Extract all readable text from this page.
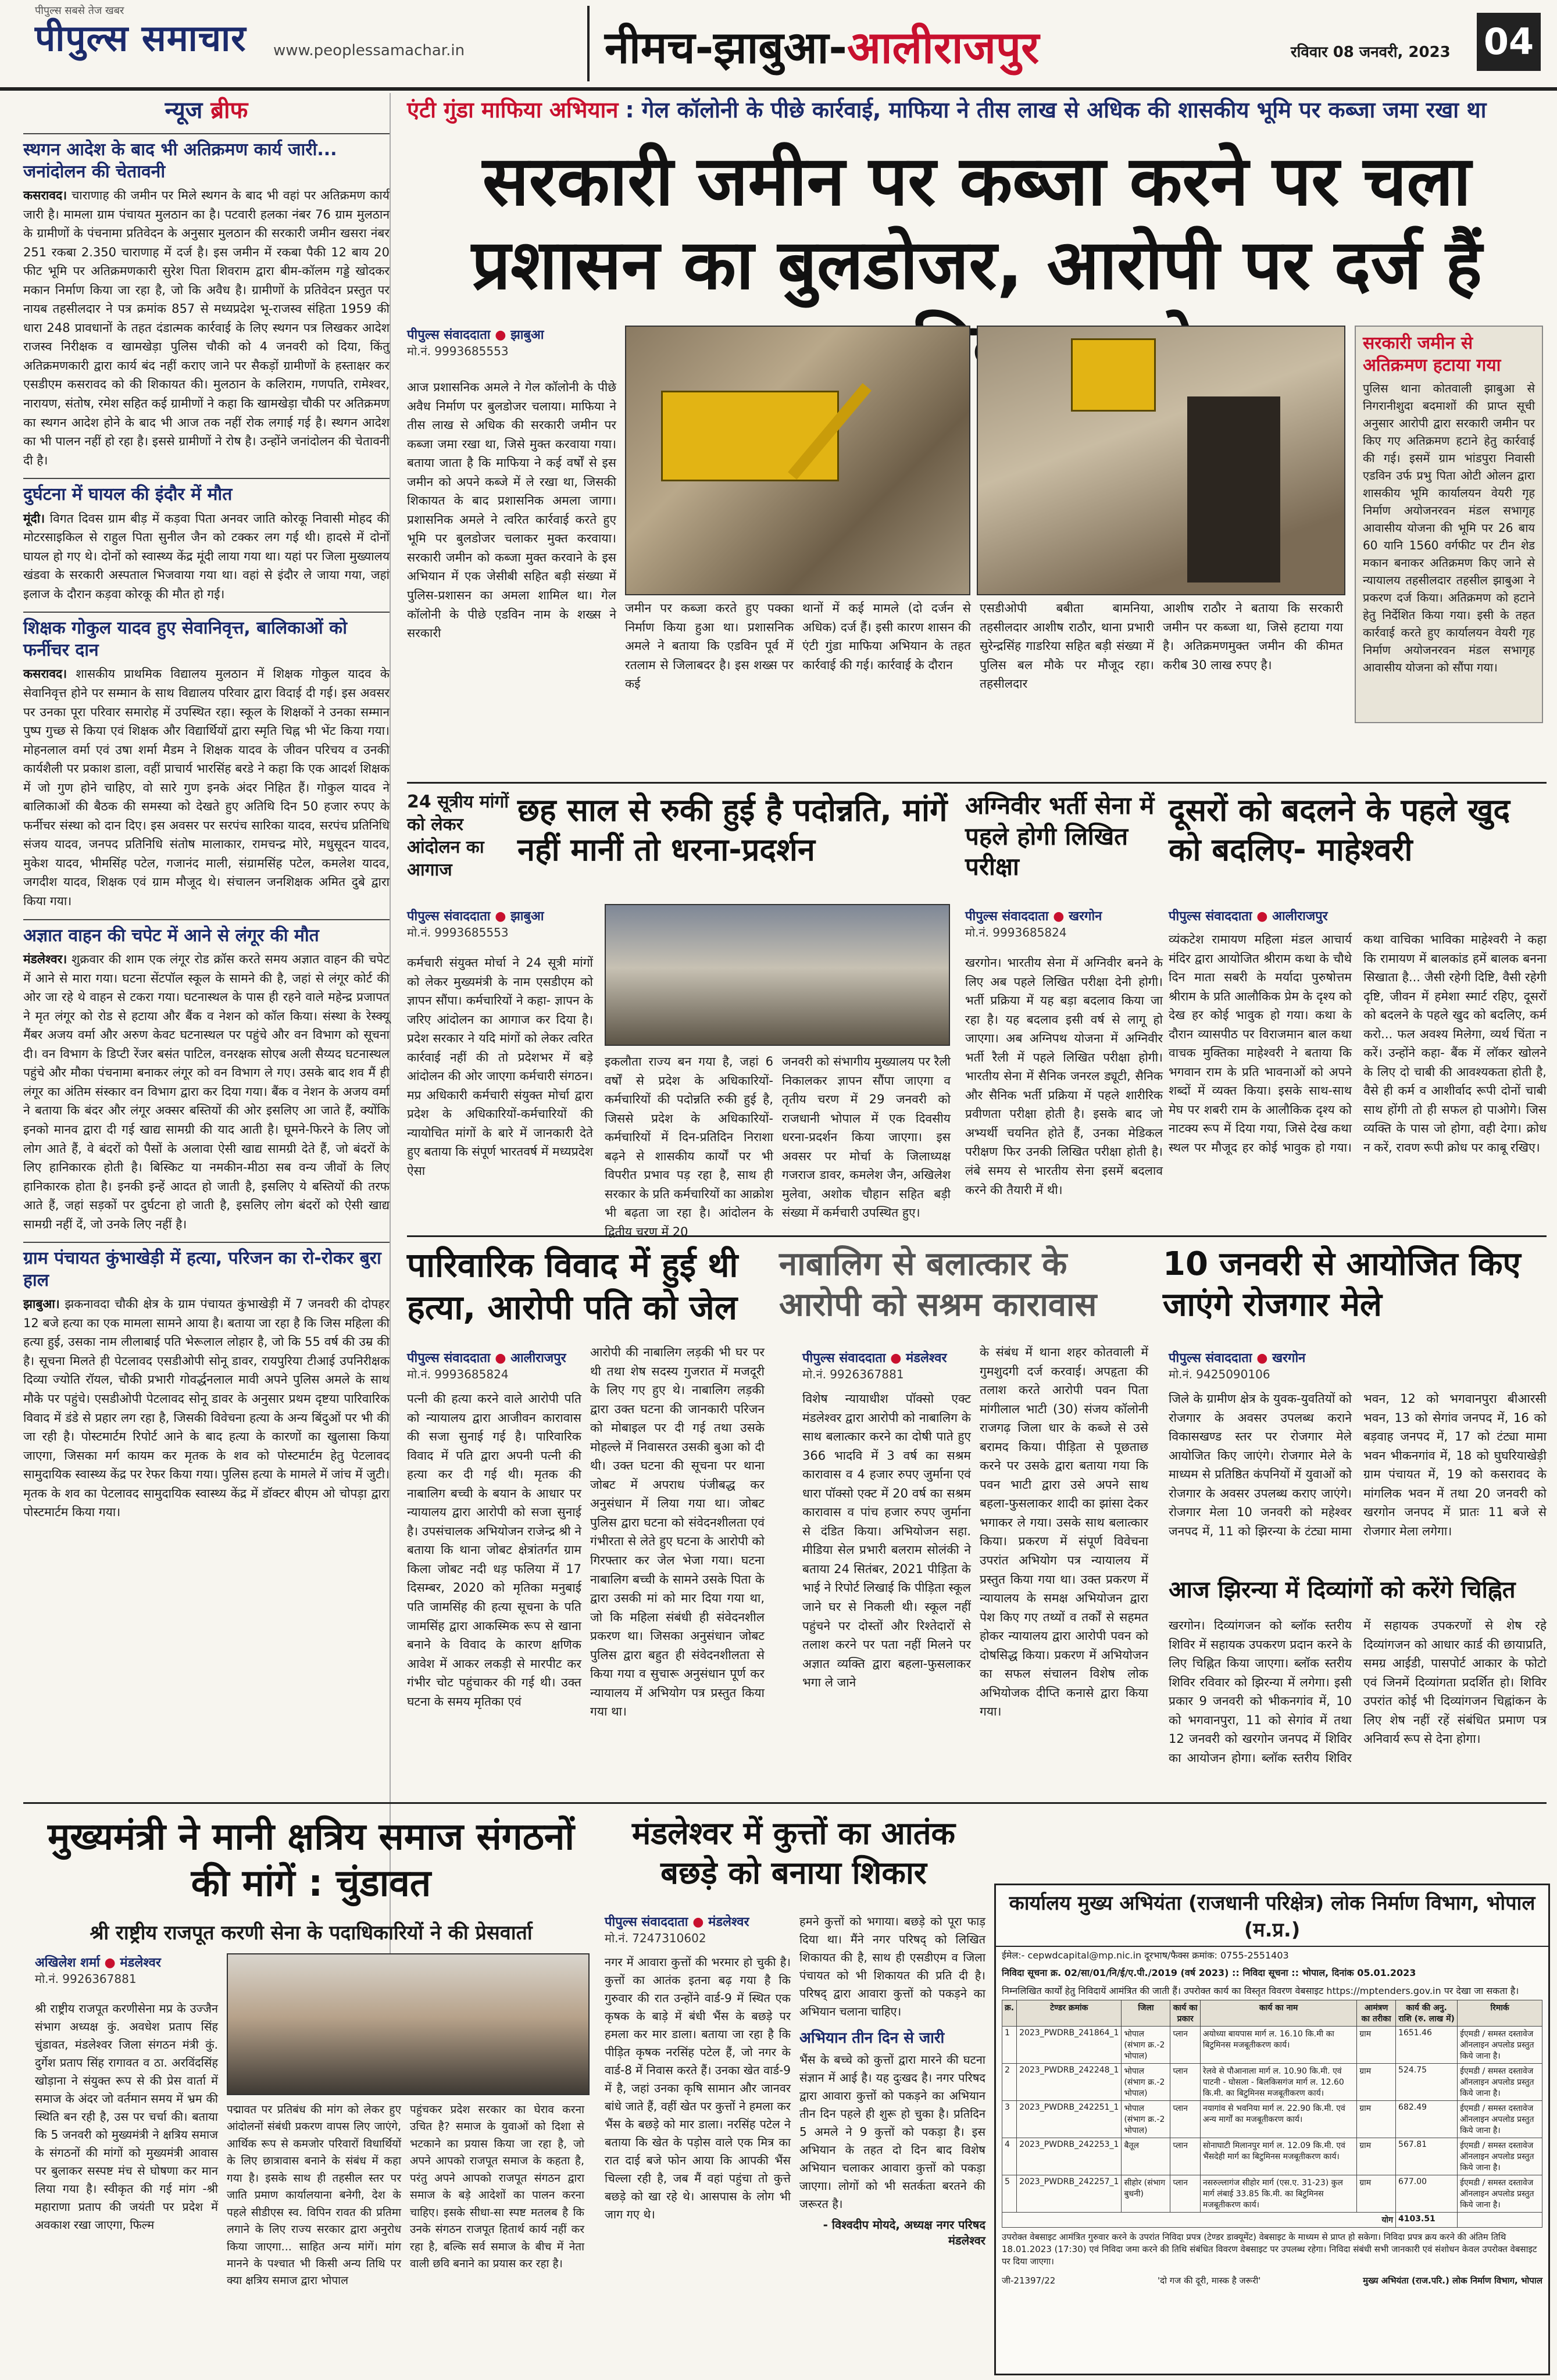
पीपुल्स सबसे तेज खबर
पीपुल्स समाचार www.peoplessamachar.in	नीमच-झाबुआ-आलीराजपुर	रविवार 08 जनवरी, 2023 04
न्यूज ब्रीफ
स्थगन आदेश के बाद भी अतिक्रमण कार्य जारी... जनांदोलन की चेतावनी
कसरावद। चाराणाह की जमीन पर मिले स्थगन के बाद भी वहां पर अतिक्रमण कार्य जारी है। मामला ग्राम पंचायत मुलठान का है। पटवारी हलका नंबर 76 ग्राम मुलठान के ग्रामीणों के पंचनामा प्रतिवेदन के अनुसार मुलठान की सरकारी जमीन खसरा नंबर 251 रकबा 2.350 चाराणाह में दर्ज है। इस जमीन में रकबा पैकी 12 बाय 20 फीट भूमि पर अतिक्रमणकारी सुरेश पिता शिवराम द्वारा बीम-कॉलम गड्डे खोदकर मकान निर्माण किया जा रहा है, जो कि अवैध है। ग्रामीणों के प्रतिवेदन प्रस्तुत पर नायब तहसीलदार ने पत्र क्रमांक 857 से मध्यप्रदेश भू-राजस्व संहिता 1959 की धारा 248 प्रावधानों के तहत दंडात्मक कार्रवाई के लिए स्थगन पत्र लिखकर आदेश राजस्व निरीक्षक व खामखेड़ा पुलिस चौकी को 4 जनवरी को दिया, किंतु अतिक्रमणकारी द्वारा कार्य बंद नहीं कराए जाने पर सैकड़ों ग्रामीणों के हस्ताक्षर कर एसडीएम कसरावद को की शिकायत की। मुलठान के कलिराम, गणपति, रामेश्वर, नारायण, संतोष, रमेश सहित कई ग्रामीणों ने कहा कि खामखेड़ा चौकी पर अतिक्रमण का स्थगन आदेश होने के बाद भी आज तक नहीं रोक लगाई गई है। स्थगन आदेश का भी पालन नहीं हो रहा है। इससे ग्रामीणों ने रोष है। उन्होंने जनांदोलन की चेतावनी दी है।
दुर्घटना में घायल की इंदौर में मौत
मूंदी। विगत दिवस ग्राम बीड़ में कड़वा पिता अनवर जाति कोरकू निवासी मोहद की मोटरसाइकिल से राहुल पिता सुनील जैन को टक्कर लग गई थी। हादसे में दोनों घायल हो गए थे। दोनों को स्वास्थ्य केंद्र मूंदी लाया गया था। यहां पर जिला मुख्यालय खंडवा के सरकारी अस्पताल भिजवाया गया था। वहां से इंदौर ले जाया गया, जहां इलाज के दौरान कड़वा कोरकू की मौत हो गई।
शिक्षक गोकुल यादव हुए सेवानिवृत्त, बालिकाओं को फर्नीचर दान
कसरावद। शासकीय प्राथमिक विद्यालय मुलठान में शिक्षक गोकुल यादव के सेवानिवृत्त होने पर सम्मान के साथ विद्यालय परिवार द्वारा विदाई दी गई। इस अवसर पर उनका पूरा परिवार समारोह में उपस्थित रहा। स्कूल के शिक्षकों ने उनका सम्मान पुष्प गुच्छ से किया एवं शिक्षक और विद्यार्थियों द्वारा स्मृति चिह्न भी भेंट किया गया। मोहनलाल वर्मा एवं उषा शर्मा मैडम ने शिक्षक यादव के जीवन परिचय व उनकी कार्यशैली पर प्रकाश डाला, वहीं प्राचार्य भारसिंह बरडे ने कहा कि एक आदर्श शिक्षक में जो गुण होने चाहिए, वो सारे गुण इनके अंदर निहित हैं। गोकुल यादव ने बालिकाओं की बैठक की समस्या को देखते हुए अतिथि दिन 50 हजार रुपए के फर्नीचर संस्था को दान दिए। इस अवसर पर सरपंच सारिका यादव, सरपंच प्रतिनिधि संजय यादव, जनपद प्रतिनिधि संतोष मालाकार, रामचन्द्र मोरे, मधुसूदन यादव, मुकेश यादव, भीमसिंह पटेल, गजानंद माली, संग्रामसिंह पटेल, कमलेश यादव, जगदीश यादव, शिक्षक एवं ग्राम मौजूद थे। संचालन जनशिक्षक अमित दुबे द्वारा किया गया।
अज्ञात वाहन की चपेट में आने से लंगूर की मौत
मंडलेश्वर। शुक्रवार की शाम एक लंगूर रोड क्रॉस करते समय अज्ञात वाहन की चपेट में आने से मारा गया। घटना सेंटपॉल स्कूल के सामने की है, जहां से लंगूर कोर्ट की ओर जा रहे थे वाहन से टकरा गया। घटनास्थल के पास ही रहने वाले महेन्द्र प्रजापत ने मृत लंगूर को रोड से हटाया और बैंक व नेशन को कॉल किया। संस्था के रेस्क्यू मैंबर अजय वर्मा और अरुण केवट घटनास्थल पर पहुंचे और वन विभाग को सूचना दी। वन विभाग के डिप्टी रेंजर बसंत पाटिल, वनरक्षक सोएब अली सैय्यद घटनास्थल पहुंचे और मौका पंचनामा बनाकर लंगूर को वन विभाग ले गए। उसके बाद शव मैं ही लंगूर का अंतिम संस्कार वन विभाग द्वारा कर दिया गया। बैंक व नेशन के अजय वर्मा ने बताया कि बंदर और लंगूर अक्सर बस्तियों की ओर इसलिए आ जाते हैं, क्योंकि इनको मानव द्वारा दी गई खाद्य सामग्री की याद आती है। घूमने-फिरने के लिए जो लोग आते हैं, वे बंदरों को पैसों के अलावा ऐसी खाद्य सामग्री देते हैं, जो बंदरों के लिए हानिकारक होती है। बिस्किट या नमकीन-मीठा सब वन्य जीवों के लिए हानिकारक होता है। इनकी इन्हें आदत हो जाती है, इसलिए ये बस्तियों की तरफ आते हैं, जहां सड़कों पर दुर्घटना हो जाती है, इसलिए लोग बंदरों को ऐसी खाद्य सामग्री नहीं दें, जो उनके लिए नहीं है।
ग्राम पंचायत कुंभाखेड़ी में हत्या, परिजन का रो-रोकर बुरा हाल
झाबुआ। झकनावदा चौकी क्षेत्र के ग्राम पंचायत कुंभाखेड़ी में 7 जनवरी की दोपहर 12 बजे हत्या का एक मामला सामने आया है। बताया जा रहा है कि जिस महिला की हत्या हुई, उसका नाम लीलाबाई पति भेरूलाल लोहार है, जो कि 55 वर्ष की उम्र की है। सूचना मिलते ही पेटलावद एसडीओपी सोनू डावर, रायपुरिया टीआई उपनिरीक्षक दिव्या ज्योति रॉयल, चौकी प्रभारी गोवर्द्धनलाल मावी अपने पुलिस अमले के साथ मौके पर पहुंचे। एसडीओपी पेटलावद सोनू डावर के अनुसार प्रथम दृष्टया पारिवारिक विवाद में डंडे से प्रहार लग रहा है, जिसकी विवेचना हत्या के अन्य बिंदुओं पर भी की जा रही है। पोस्टमार्टम रिपोर्ट आने के बाद हत्या के कारणों का खुलासा किया जाएगा, जिसका मर्ग कायम कर मृतक के शव को पोस्टमार्टम हेतु पेटलावद सामुदायिक स्वास्थ्य केंद्र पर रेफर किया गया। पुलिस हत्या के मामले में जांच में जुटी। मृतक के शव का पेटलावद सामुदायिक स्वास्थ्य केंद्र में डॉक्टर बीएम ओ चोपड़ा द्वारा पोस्टमार्टम किया गया।
एंटी गुंडा माफिया अभियान : गेल कॉलोनी के पीछे कार्रवाई, माफिया ने तीस लाख से अधिक की शासकीय भूमि पर कब्जा जमा रखा था
सरकारी जमीन पर कब्जा करने पर चला प्रशासन का बुलडोजर, आरोपी पर दर्ज हैं
पीपुल्स संवाददाता ● झाबुआ
मो.नं. 9993685553
आज प्रशासनिक अमले ने गेल कॉलोनी के पीछे अवैध निर्माण पर बुलडोजर चलाया। माफिया ने तीस लाख से अधिक की सरकारी जमीन पर कब्जा जमा रखा था, जिसे मुक्त करवाया गया। बताया जाता है कि माफिया ने कई वर्षों से इस जमीन को अपने कब्जे में ले रखा था, जिसकी शिकायत के बाद प्रशासनिक अमला जागा। प्रशासनिक अमले ने त्वरित कार्रवाई करते हुए भूमि पर बुलडोजर चलाकर मुक्त करवाया। सरकारी जमीन को कब्जा मुक्त करवाने के इस अभियान में एक जेसीबी सहित बड़ी संख्या में पुलिस-प्रशासन का अमला शामिल था। गेल कॉलोनी के पीछे एडविन नाम के शख्स ने सरकारी
जमीन पर कब्जा करते हुए पक्का निर्माण किया हुआ था। प्रशासनिक अमले ने बताया कि एडविन पूर्व में रतलाम से जिलाबदर है। इस शख्स पर कई
थानों में कई मामले (दो दर्जन से अधिक) दर्ज हैं। इसी कारण शासन की एंटी गुंडा माफिया अभियान के तहत कार्रवाई की गई। कार्रवाई के दौरान
एसडीओपी बबीता बामनिया, तहसीलदार आशीष राठौर, थाना प्रभारी सुरेन्द्रसिंह गाडरिया सहित बड़ी संख्या में पुलिस बल मौके पर मौजूद रहा। तहसीलदार
आशीष राठौर ने बताया कि सरकारी जमीन पर कब्जा था, जिसे हटाया गया है। अतिक्रमणमुक्त जमीन की कीमत करीब 30 लाख रुपए है।
सरकारी जमीन से अतिक्रमण हटाया गया
पुलिस थाना कोतवाली झाबुआ से निगरानीशुदा बदमाशों की प्राप्त सूची अनुसार आरोपी द्वारा सरकारी जमीन पर किए गए अतिक्रमण हटाने हेतु कार्रवाई की गई। इसमें ग्राम भांडपुरा निवासी एडविन उर्फ प्रभु पिता ओटी ओलन द्वारा शासकीय भूमि कार्यालयन वेयरी गृह निर्माण अयोजनरवन मंडल सभागृह आवासीय योजना की भूमि पर 26 बाय 60 यानि 1560 वर्गफीट पर टीन शेड मकान बनाकर अतिक्रमण किए जाने से न्यायालय तहसीलदार तहसील झाबुआ ने प्रकरण दर्ज किया। अतिक्रमण को हटाने हेतु निर्देशित किया गया। इसी के तहत कार्रवाई करते हुए कार्यालयन वेयरी गृह निर्माण अयोजनरवन मंडल सभागृह आवासीय योजना को सौंपा गया।
24 सूत्रीय मांगों को लेकर आंदोलन का आगाज
छह साल से रुकी हुई है पदोन्नति, मांगें नहीं मानीं तो धरना-प्रदर्शन
पीपुल्स संवाददाता ● झाबुआ
मो.नं. 9993685553
कर्मचारी संयुक्त मोर्चा ने 24 सूत्री मांगों को लेकर मुख्यमंत्री के नाम एसडीएम को ज्ञापन सौंपा। कर्मचारियों ने कहा- ज्ञापन के जरिए आंदोलन का आगाज कर दिया है। प्रदेश सरकार ने यदि मांगों को लेकर त्वरित कार्रवाई नहीं की तो प्रदेशभर में बड़े आंदोलन की ओर जाएगा कर्मचारी संगठन। मप्र अधिकारी कर्मचारी संयुक्त मोर्चा द्वारा प्रदेश के अधिकारियों-कर्मचारियों की न्यायोचित मांगों के बारे में जानकारी देते हुए बताया कि संपूर्ण भारतवर्ष में मध्यप्रदेश ऐसा
इकलौता राज्य बन गया है, जहां 6 वर्षों से प्रदेश के अधिकारियों-कर्मचारियों की पदोन्नति रुकी हुई है, जिससे प्रदेश के अधिकारियों-कर्मचारियों में दिन-प्रतिदिन निराशा बढ़ने से शासकीय कार्यों पर भी विपरीत प्रभाव पड़ रहा है, साथ ही सरकार के प्रति कर्मचारियों का आक्रोश भी बढ़ता जा रहा है। आंदोलन के द्वितीय चरण में 20
जनवरी को संभागीय मुख्यालय पर रैली निकालकर ज्ञापन सौंपा जाएगा व तृतीय चरण में 29 जनवरी को राजधानी भोपाल में एक दिवसीय धरना-प्रदर्शन किया जाएगा। इस अवसर पर मोर्चा के जिलाध्यक्ष गजराज डावर, कमलेश जैन, अखिलेश मुलेवा, अशोक चौहान सहित बड़ी संख्या में कर्मचारी उपस्थित हुए।
अग्निवीर भर्ती सेना में पहले होगी लिखित परीक्षा
पीपुल्स संवाददाता ● खरगोन
मो.नं. 9993685824
खरगोन। भारतीय सेना में अग्निवीर बनने के लिए अब पहले लिखित परीक्षा देनी होगी। भर्ती प्रक्रिया में यह बड़ा बदलाव किया जा रहा है। यह बदलाव इसी वर्ष से लागू हो जाएगा। अब अग्निपथ योजना में अग्निवीर भर्ती रैली में पहले लिखित परीक्षा होगी। भारतीय सेना में सैनिक जनरल ड्यूटी, सैनिक और सैनिक भर्ती प्रक्रिया में पहले शारीरिक प्रवीणता परीक्षा होती है। इसके बाद जो अभ्यर्थी चयनित होते हैं, उनका मेडिकल परीक्षण फिर उनकी लिखित परीक्षा होती है। लंबे समय से भारतीय सेना इसमें बदलाव करने की तैयारी में थी।
दूसरों को बदलने के पहले खुद को बदलिए- माहेश्वरी
पीपुल्स संवाददाता ● आलीराजपुर
व्यंकटेश रामायण महिला मंडल आचार्य मंदिर द्वारा आयोजित श्रीराम कथा के चौथे दिन माता सबरी के मर्यादा पुरुषोत्तम श्रीराम के प्रति आलौकिक प्रेम के दृश्य को देख हर कोई भावुक हो गया। कथा के दौरान व्यासपीठ पर विराजमान बाल कथा वाचक मुक्तिका माहेश्वरी ने बताया कि भगवान राम के प्रति भावनाओं को अपने शब्दों में व्यक्त किया। इसके साथ-साथ मेघ पर शबरी राम के आलौकिक दृश्य को नाटक्य रूप में दिया गया, जिसे देख कथा स्थल पर मौजूद हर कोई भावुक हो गया। कथा वाचिका भाविका माहेश्वरी ने कहा कि रामायण में बालकांड हमें बालक बनना सिखाता है... जैसी रहेगी दिष्टि, वैसी रहेगी दृष्टि, जीवन में हमेशा स्मार्ट रहिए, दूसरों को बदलने के पहले खुद को बदलिए, कर्म करो... फल अवश्य मिलेगा, व्यर्थ चिंता न करें। उन्होंने कहा- बैंक में लॉकर खोलने के लिए दो चाबी की आवश्यकता होती है, वैसे ही कर्म व आशीर्वाद रूपी दोनों चाबी साथ होंगी तो ही सफल हो पाओगे। जिस व्यक्ति के पास जो होगा, वही देगा। क्रोध न करें, रावण रूपी क्रोध पर काबू रखिए।
पारिवारिक विवाद में हुई थी हत्या, आरोपी पति को जेल
पीपुल्स संवाददाता ● आलीराजपुर
मो.नं. 9993685824
पत्नी की हत्या करने वाले आरोपी पति को न्यायालय द्वारा आजीवन कारावास की सजा सुनाई गई है। पारिवारिक विवाद में पति द्वारा अपनी पत्नी की हत्या कर दी गई थी। मृतक की नाबालिग बच्ची के बयान के आधार पर न्यायालय द्वारा आरोपी को सजा सुनाई है। उपसंचालक अभियोजन राजेन्द्र श्री ने बताया कि थाना जोबट क्षेत्रांतर्गत ग्राम किला जोबट नदी धड़ फलिया में 17 दिसम्बर, 2020 को मृतिका मनुबाई पति जामसिंह की हत्या सूचना के पति जामसिंह द्वारा आकस्मिक रूप से खाना बनाने के विवाद के कारण क्षणिक आवेश में आकर लकड़ी से मारपीट कर गंभीर चोट पहुंचाकर की गई थी। उक्त घटना के समय मृतिका एवं
आरोपी की नाबालिग लड़की भी घर पर थी तथा शेष सदस्य गुजरात में मजदूरी के लिए गए हुए थे। नाबालिग लड़की द्वारा उक्त घटना की जानकारी परिजन को मोबाइल पर दी गई तथा उसके मोहल्ले में निवासरत उसकी बुआ को दी थी। उक्त घटना की सूचना पर थाना जोबट में अपराध पंजीबद्ध कर अनुसंधान में लिया गया था। जोबट पुलिस द्वारा घटना को संवेदनशीलता एवं गंभीरता से लेते हुए घटना के आरोपी को गिरफ्तार कर जेल भेजा गया। घटना नाबालिग बच्ची के सामने उसके पिता के द्वारा उसकी मां को मार दिया गया था, जो कि महिला संबंधी ही संवेदनशील प्रकरण था। जिसका अनुसंधान जोबट पुलिस द्वारा बहुत ही संवेदनशीलता से किया गया व सुचारू अनुसंधान पूर्ण कर न्यायालय में अभियोग पत्र प्रस्तुत किया गया था।
नाबालिग से बलात्कार के आरोपी को सश्रम कारावास
पीपुल्स संवाददाता ● मंडलेश्वर
मो.नं. 9926367881
विशेष न्यायाधीश पॉक्सो एक्ट मंडलेश्वर द्वारा आरोपी को नाबालिग के साथ बलात्कार करने का दोषी पाते हुए 366 भादवि में 3 वर्ष का सश्रम कारावास व 4 हजार रुपए जुर्माना एवं धारा पॉक्सो एक्ट में 20 वर्ष का सश्रम कारावास व पांच हजार रुपए जुर्माना से दंडित किया। अभियोजन सहा. मीडिया सेल प्रभारी बलराम सोलंकी ने बताया 24 सितंबर, 2021 पीड़िता के भाई ने रिपोर्ट लिखाई कि पीड़िता स्कूल जाने घर से निकली थी। स्कूल नहीं पहुंचने पर दोस्तों और रिश्तेदारों से तलाश करने पर पता नहीं मिलने पर अज्ञात व्यक्ति द्वारा बहला-फुसलाकर भगा ले जाने
के संबंध में थाना शहर कोतवाली में गुमशुदगी दर्ज करवाई। अपहृता की तलाश करते आरोपी पवन पिता मांगीलाल भाटी (30) संजय कॉलोनी राजगढ़ जिला धार के कब्जे से उसे बरामद किया। पीड़िता से पूछताछ करने पर उसके द्वारा बताया गया कि पवन भाटी द्वारा उसे अपने साथ बहला-फुसलाकर शादी का झांसा देकर भगाकर ले गया। उसके साथ बलात्कार किया। प्रकरण में संपूर्ण विवेचना उपरांत अभियोग पत्र न्यायालय में प्रस्तुत किया गया था। उक्त प्रकरण में न्यायालय के समक्ष अभियोजन द्वारा पेश किए गए तथ्यों व तर्कों से सहमत होकर न्यायालय द्वारा आरोपी पवन को दोषसिद्ध किया। प्रकरण में अभियोजन का सफल संचालन विशेष लोक अभियोजक दीप्ति कनासे द्वारा किया गया।
10 जनवरी से आयोजित किए जाएंगे रोजगार मेले
पीपुल्स संवाददाता ● खरगोन
मो.नं. 9425090106
जिले के ग्रामीण क्षेत्र के युवक-युवतियों को रोजगार के अवसर उपलब्ध कराने विकासखण्ड स्तर पर रोजगार मेले आयोजित किए जाएंगे। रोजगार मेले के माध्यम से प्रतिष्ठित कंपनियों में युवाओं को रोजगार के अवसर उपलब्ध कराए जाएंगे। रोजगार मेला 10 जनवरी को महेश्वर जनपद में, 11 को झिरन्या के टंट्या मामा भवन, 12 को भगवानपुरा बीआरसी भवन, 13 को सेगांव जनपद में, 16 को बड़वाह जनपद में, 17 को टंट्या मामा भवन भीकनगांव में, 18 को घुघरियाखेड़ी ग्राम पंचायत में, 19 को कसरावद के मांगलिक भवन में तथा 20 जनवरी को खरगोन जनपद में प्रातः 11 बजे से रोजगार मेला लगेगा।
आज झिरन्या में दिव्यांगों को करेंगे चिह्नित
खरगोन। दिव्यांगजन को ब्लॉक स्तरीय शिविर में सहायक उपकरण प्रदान करने के लिए चिह्नित किया जाएगा। ब्लॉक स्तरीय शिविर रविवार को झिरन्या में लगेगा। इसी प्रकार 9 जनवरी को भीकनगांव में, 10 को भगवानपुरा, 11 को सेगांव में तथा 12 जनवरी को खरगोन जनपद में शिविर का आयोजन होगा। ब्लॉक स्तरीय शिविर में सहायक उपकरणों से शेष रहे दिव्यांगजन को आधार कार्ड की छायाप्रति, समग्र आईडी, पासपोर्ट आकार के फोटो एवं जिनमें दिव्यांगता प्रदर्शित हो। शिविर उपरांत कोई भी दिव्यांगजन चिह्नांकन के लिए शेष नहीं रहें संबंधित प्रमाण पत्र अनिवार्य रूप से देना होगा।
मुख्यमंत्री ने मानी क्षत्रिय समाज संगठनों की मांगें : चुंडावत
श्री राष्ट्रीय राजपूत करणी सेना के पदाधिकारियों ने की प्रेसवार्ता
अखिलेश शर्मा ● मंडलेश्वर
मो.नं. 9926367881
श्री राष्ट्रीय राजपूत करणीसेना मप्र के उज्जैन संभाग अध्यक्ष कुं. अवधेश प्रताप सिंह चुंडावत, मंडलेश्वर जिला संगठन मंत्री कुं. दुर्गेश प्रताप सिंह रागावत व ठा. अरविंदसिंह खोड़ाना ने संयुक्त रूप से की प्रेस वार्ता में समाज के अंदर जो वर्तमान समय में भ्रम की स्थिति बन रही है, उस पर चर्चा की। बताया कि 5 जनवरी को मुख्यमंत्री ने क्षत्रिय समाज के संगठनों की मांगों को मुख्यमंत्री आवास पर बुलाकर सस्पष्ट मंच से घोषणा कर मान लिया गया है। स्वीकृत की गई मांग -श्री महाराणा प्रताप की जयंती पर प्रदेश में अवकाश रखा जाएगा, फिल्म
पद्मावत पर प्रतिबंध की मांग को लेकर हुए आंदोलनों संबंधी प्रकरण वापस लिए जाएंगे, आर्थिक रूप से कमजोर परिवारों विधार्थियों के लिए छात्रावास बनाने के संबंध में कहा गया है। इसके साथ ही तहसील स्तर पर जाति प्रमाण कार्यालयाना बनेगी, देश के पहले सीडीएस स्व. विपिन रावत की प्रतिमा लगाने के लिए राज्य सरकार द्वारा अनुरोध किया जाएगा... साहित अन्य मांगें। मांग मानने के पश्चात भी किसी अन्य तिथि पर क्या क्षत्रिय समाज द्वारा भोपाल
पहुंचकर प्रदेश सरकार का घेराव करना उचित है? समाज के युवाओं को दिशा से भटकाने का प्रयास किया जा रहा है, जो अपने आपको राजपूत समाज के कहता है, परंतु अपने आपको राजपूत संगठन द्वारा समाज के बड़े आदेशों का पालन करना चाहिए। इसके सीधा-सा स्पष्ट मतलब है कि उनके संगठन राजपूत हितार्थ कार्य नहीं कर रहा है, बल्कि सर्व समाज के बीच में नेता वाली छवि बनाने का प्रयास कर रहा है।
मंडलेश्वर में कुत्तों का आतंक बछड़े को बनाया शिकार
पीपुल्स संवाददाता ● मंडलेश्वर
मो.नं. 7247310602
नगर में आवारा कुत्तों की भरमार हो चुकी है। कुत्तों का आतंक इतना बढ़ गया है कि गुरुवार की रात उन्होंने वार्ड-9 में स्थित एक कृषक के बाड़े में बंधी भैंस के बछड़े पर हमला कर मार डाला। बताया जा रहा है कि पीड़ित कृषक नरसिंह पटेल हैं, जो नगर के वार्ड-8 में निवास करते हैं। उनका खेत वार्ड-9 में है, जहां उनका कृषि सामान और जानवर बांधे जाते हैं, वहीं खेत पर कुत्तों ने हमला कर भैंस के बछड़े को मार डाला। नरसिंह पटेल ने बताया कि खेत के पड़ोस वाले एक मित्र का रात दाई बजे फोन आया कि आपकी भैंस चिल्ला रही है, जब मैं वहां पहुंचा तो कुत्ते बछड़े को खा रहे थे। आसपास के लोग भी जाग गए थे।
हमने कुत्तों को भगाया। बछड़े को पूरा फाड़ दिया था। मैंने नगर परिषद् को लिखित शिकायत की है, साथ ही एसडीएम व जिला पंचायत को भी शिकायत की प्रति दी है। परिषद् द्वारा आवारा कुत्तों को पकड़ने का अभियान चलाना चाहिए।
अभियान तीन दिन से जारी
भैंस के बच्चे को कुत्तों द्वारा मारने की घटना संज्ञान में आई है। यह दुःखद है। नगर परिषद द्वारा आवारा कुत्तों को पकड़ने का अभियान तीन दिन पहले ही शुरू हो चुका है। प्रतिदिन 5 अमले ने 9 कुत्तों को पकड़ा है। इस अभियान के तहत दो दिन बाद विशेष अभियान चलाकर आवारा कुत्तों को पकड़ा जाएगा। लोगों को भी सतर्कता बरतने की जरूरत है।
- विश्वदीप मोयदे, अध्यक्ष नगर परिषद मंडलेश्वर
कार्यालय मुख्य अभियंता (राजधानी परिक्षेत्र) लोक निर्माण विभाग, भोपाल (म.प्र.)
ईमेल:- cepwdcapital@mp.nic.in दूरभाष/फैक्स क्रमांक: 0755-2551403
निविदा सूचना क्र. 02/सा/01/नि/ई/ए.पी./2019 (वर्ष 2023) :: निविदा सूचना :: भोपाल, दिनांक 05.01.2023
निम्नलिखित कार्यों हेतु निविदायें आमंत्रित की जाती हैं। उपरोक्त कार्य का विस्तृत विवरण वेबसाइट https://mptenders.gov.in पर देखा जा सकता है।
क्र.	टेण्डर क्रमांक	जिला	कार्य का प्रकार	कार्य का नाम	आमंत्रण का तरीका	कार्य की अनु. राशि (रु. लाख में)	रिमार्क
1	2023_PWDRB_241864_1	भोपाल (संभाग क्र.-2 भोपाल)	प्लान	अयोध्या बायपास मार्ग ल. 16.10 कि.मी का बिटुमिनस मजबूतीकरण कार्य।	ग्राम	1651.46	ईएमडी / समस्त दस्तावेज ऑनलाइन अपलोड प्रस्तुत किये जाना है।
2	2023_PWDRB_242248_1	भोपाल (संभाग क्र.-2 भोपाल)	प्लान	रेलवे से पौआनाला मार्ग ल. 10.90 कि.मी. एवं पाटनी - घोसला - बिलकिसगंज मार्ग ल. 12.60 कि.मी. का बिटुमिनस मजबूतीकरण कार्य।	ग्राम	524.75	ईएमडी / समस्त दस्तावेज ऑनलाइन अपलोड प्रस्तुत किये जाना है।
3	2023_PWDRB_242251_1	भोपाल (संभाग क्र.-2 भोपाल)	प्लान	नयागांव से भवनिया मार्ग ल. 22.90 कि.मी. एवं अन्य मार्गों का मजबूतीकरण कार्य।	ग्राम	682.49	ईएमडी / समस्त दस्तावेज ऑनलाइन अपलोड प्रस्तुत किये जाना है।
4	2023_PWDRB_242253_1	बैतूल	प्लान	सोनाघाटी मिलानपुर मार्ग ल. 12.09 कि.मी. एवं भैंसदेही मार्ग का बिटुमिनस मजबूतीकरण कार्य।	ग्राम	567.81	ईएमडी / समस्त दस्तावेज ऑनलाइन अपलोड प्रस्तुत किये जाना है।
5	2023_PWDRB_242257_1	सीहोर (संभाग बुधनी)	प्लान	नसरुल्लागंज सीहोर मार्ग (एस.ए. 31-23) कुल मार्ग लंबाई 33.85 कि.मी. का बिटुमिनस मजबूतीकरण कार्य।	ग्राम	677.00	ईएमडी / समस्त दस्तावेज ऑनलाइन अपलोड प्रस्तुत किये जाना है।
योग						4103.51	
उपरोक्त वेबसाइट आमंत्रित गुरुवार करने के उपरांत निविदा प्रपत्र (टेण्डर डाक्यूमेंट) वेबसाइट के माध्यम से प्राप्त हो सकेगा। निविदा प्रपत्र क्रय करने की अंतिम तिथि 18.01.2023 (17:30) एवं निविदा जमा करने की तिथि संबंधित विवरण वेबसाइट पर उपलब्ध रहेगा। निविदा संबंधी सभी जानकारी एवं संशोधन केवल उपरोक्त वेबसाइट पर दिया जाएगा।
जी-21397/22	'दो गज की दूरी, मास्क है जरूरी'	मुख्य अभियंता (राज.परि.) लोक निर्माण विभाग, भोपाल
